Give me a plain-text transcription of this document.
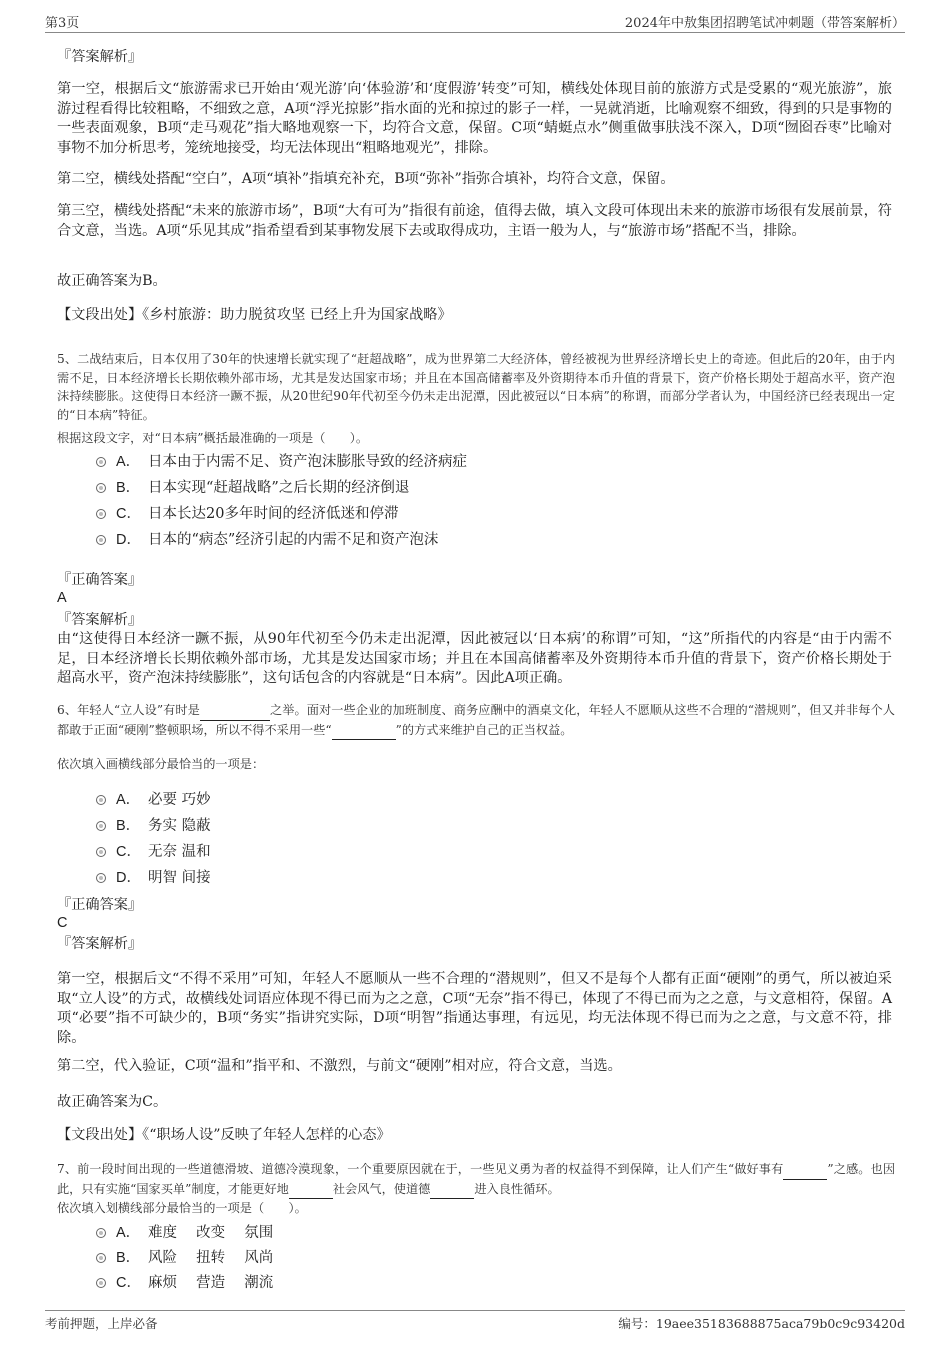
第3页	2024年中敖集团招聘笔试冲刺题（带答案解析）
『答案解析』
第一空，根据后文“旅游需求已开始由‘观光游’向‘体验游’和‘度假游’转变”可知，横线处体现目前的旅游方式是受累的“观光旅游”，旅游过程看得比较粗略，不细致之意，A项“浮光掠影”指水面的光和掠过的影子一样，一晃就消逝，比喻观察不细致，得到的只是事物的一些表面观象，B项“走马观花”指大略地观察一下，均符合文意，保留。C项“蜻蜓点水”侧重做事肤浅不深入，D项“囫囵吞枣”比喻对事物不加分析思考，笼统地接受，均无法体现出“粗略地观光”，排除。
第二空，横线处搭配“空白”，A项“填补”指填充补充，B项“弥补”指弥合填补，均符合文意，保留。
第三空，横线处搭配“未来的旅游市场”，B项“大有可为”指很有前途，值得去做，填入文段可体现出未来的旅游市场很有发展前景，符合文意，当选。A项“乐见其成”指希望看到某事物发展下去或取得成功，主语一般为人，与“旅游市场”搭配不当，排除。
故正确答案为B。
【文段出处】《乡村旅游：助力脱贫攻坚 已经上升为国家战略》
5、二战结束后，日本仅用了30年的快速增长就实现了“赶超战略”，成为世界第二大经济体，曾经被视为世界经济增长史上的奇迹。但此后的20年，由于内需不足，日本经济增长长期依赖外部市场，尤其是发达国家市场；并且在本国高储蓄率及外资期待本币升值的背景下，资产价格长期处于超高水平，资产泡沫持续膨胀。这使得日本经济一蹶不振，从20世纪90年代初至今仍未走出泥潭，因此被冠以“日本病”的称谓，而部分学者认为，中国经济已经表现出一定的“日本病”特征。
根据这段文字，对“日本病”概括最准确的一项是（　　）。
A． 日本由于内需不足、资产泡沫膨胀导致的经济病症
B． 日本实现“赶超战略”之后长期的经济倒退
C． 日本长达20多年时间的经济低迷和停滞
D． 日本的“病态”经济引起的内需不足和资产泡沫
『正确答案』
A
『答案解析』
由“这使得日本经济一蹶不振，从90年代初至今仍未走出泥潭，因此被冠以‘日本病’的称谓”可知，“这”所指代的内容是“由于内需不足，日本经济增长长期依赖外部市场，尤其是发达国家市场；并且在本国高储蓄率及外资期待本币升值的背景下，资产价格长期处于超高水平，资产泡沫持续膨胀”，这句话包含的内容就是“日本病”。因此A项正确。
6、年轻人“立人设”有时是	之举。面对一些企业的加班制度、商务应酬中的酒桌文化，年轻人不愿顺从这些不合理的“潜规则”，但又并非每个人都敢于正面“硬刚”整顿职场，所以不得不采用一些“	”的方式来维护自己的正当权益。
依次填入画横线部分最恰当的一项是：
A． 必要 巧妙
B． 务实 隐蔽
C． 无奈 温和
D． 明智 间接
『正确答案』
C
『答案解析』
第一空，根据后文“不得不采用”可知，年轻人不愿顺从一些不合理的“潜规则”，但又不是每个人都有正面“硬刚”的勇气，所以被迫采取“立人设”的方式，故横线处词语应体现不得已而为之之意，C项“无奈”指不得已，体现了不得已而为之之意，与文意相符，保留。A项“必要”指不可缺少的，B项“务实”指讲究实际，D项“明智”指通达事理，有远见，均无法体现不得已而为之之意，与文意不符，排除。
第二空，代入验证，C项“温和”指平和、不激烈，与前文“硬刚”相对应，符合文意，当选。
故正确答案为C。
【文段出处】《“职场人设”反映了年轻人怎样的心态》
7、前一段时间出现的一些道德滑坡、道德冷漠现象，一个重要原因就在于，一些见义勇为者的权益得不到保障，让人们产生“做好事有	”之感。也因此，只有实施“国家买单”制度，才能更好地	社会风气，使道德	进入良性循环。
依次填入划横线部分最恰当的一项是（　　）。
A． 难度　 改变　 氛围
B． 风险　 扭转　 风尚
C． 麻烦　 营造　 潮流
考前押题，上岸必备	编号：19aee35183688875aca79b0c9c93420d
